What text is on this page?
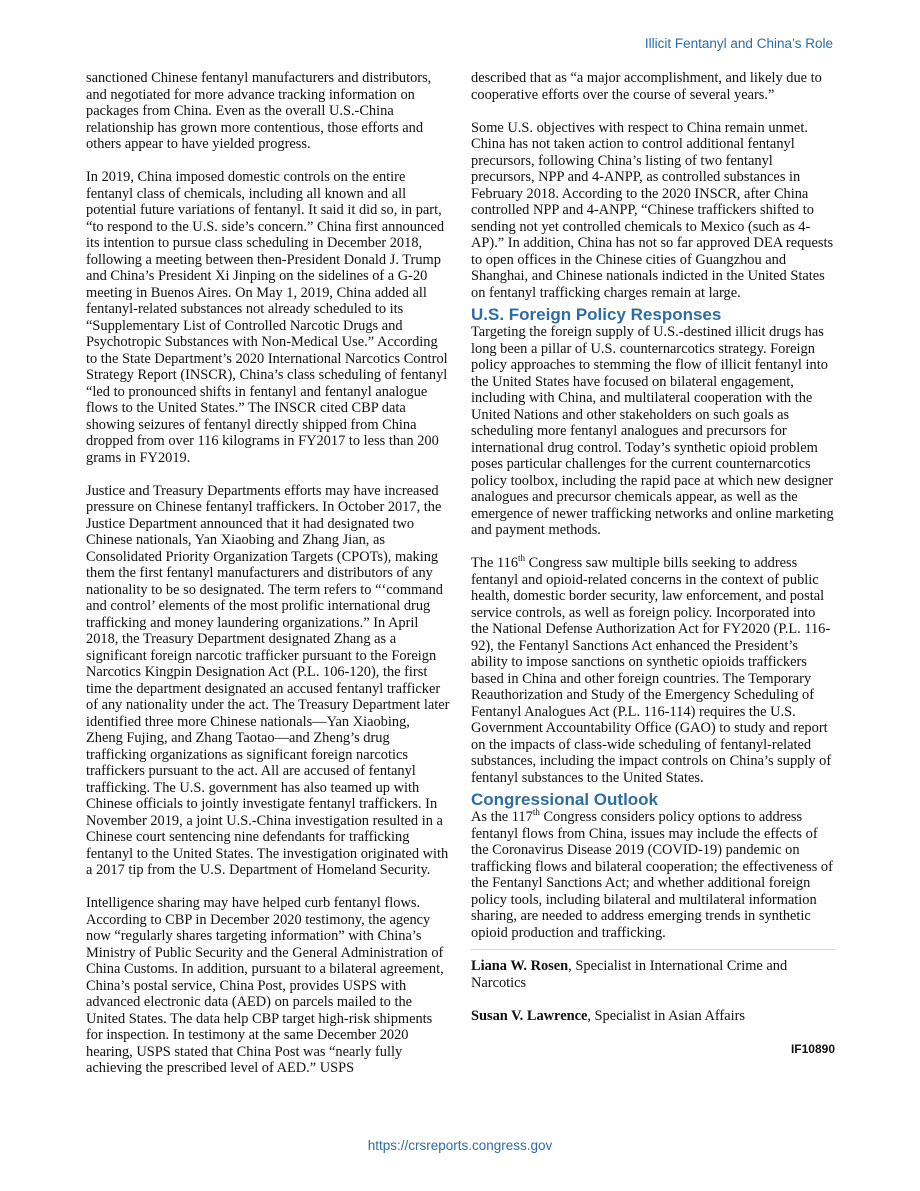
Illicit Fentanyl and China’s Role

sanctioned Chinese fentanyl manufacturers and distributors, and negotiated for more advance tracking information on packages from China. Even as the overall U.S.-China relationship has grown more contentious, those efforts and others appear to have yielded progress.

In 2019, China imposed domestic controls on the entire fentanyl class of chemicals, including all known and all potential future variations of fentanyl. It said it did so, in part, “to respond to the U.S. side’s concern.” China first announced its intention to pursue class scheduling in December 2018, following a meeting between then-President Donald J. Trump and China’s President Xi Jinping on the sidelines of a G-20 meeting in Buenos Aires. On May 1, 2019, China added all fentanyl-related substances not already scheduled to its “Supplementary List of Controlled Narcotic Drugs and Psychotropic Substances with Non-Medical Use.” According to the State Department’s 2020 International Narcotics Control Strategy Report (INSCR), China’s class scheduling of fentanyl “led to pronounced shifts in fentanyl and fentanyl analogue flows to the United States.” The INSCR cited CBP data showing seizures of fentanyl directly shipped from China dropped from over 116 kilograms in FY2017 to less than 200 grams in FY2019.

Justice and Treasury Departments efforts may have increased pressure on Chinese fentanyl traffickers. In October 2017, the Justice Department announced that it had designated two Chinese nationals, Yan Xiaobing and Zhang Jian, as Consolidated Priority Organization Targets (CPOTs), making them the first fentanyl manufacturers and distributors of any nationality to be so designated. The term refers to “‘command and control’ elements of the most prolific international drug trafficking and money laundering organizations.” In April 2018, the Treasury Department designated Zhang as a significant foreign narcotic trafficker pursuant to the Foreign Narcotics Kingpin Designation Act (P.L. 106-120), the first time the department designated an accused fentanyl trafficker of any nationality under the act. The Treasury Department later identified three more Chinese nationals—Yan Xiaobing, Zheng Fujing, and Zhang Taotao—and Zheng’s drug trafficking organizations as significant foreign narcotics traffickers pursuant to the act. All are accused of fentanyl trafficking. The U.S. government has also teamed up with Chinese officials to jointly investigate fentanyl traffickers. In November 2019, a joint U.S.-China investigation resulted in a Chinese court sentencing nine defendants for trafficking fentanyl to the United States. The investigation originated with a 2017 tip from the U.S. Department of Homeland Security.

Intelligence sharing may have helped curb fentanyl flows. According to CBP in December 2020 testimony, the agency now “regularly shares targeting information” with China’s Ministry of Public Security and the General Administration of China Customs. In addition, pursuant to a bilateral agreement, China’s postal service, China Post, provides USPS with advanced electronic data (AED) on parcels mailed to the United States. The data help CBP target high-risk shipments for inspection. In testimony at the same December 2020 hearing, USPS stated that China Post was “nearly fully achieving the prescribed level of AED.” USPS

described that as “a major accomplishment, and likely due to cooperative efforts over the course of several years.”

Some U.S. objectives with respect to China remain unmet. China has not taken action to control additional fentanyl precursors, following China’s listing of two fentanyl precursors, NPP and 4-ANPP, as controlled substances in February 2018. According to the 2020 INSCR, after China controlled NPP and 4-ANPP, “Chinese traffickers shifted to sending not yet controlled chemicals to Mexico (such as 4-AP).” In addition, China has not so far approved DEA requests to open offices in the Chinese cities of Guangzhou and Shanghai, and Chinese nationals indicted in the United States on fentanyl trafficking charges remain at large.

U.S. Foreign Policy Responses

Targeting the foreign supply of U.S.-destined illicit drugs has long been a pillar of U.S. counternarcotics strategy. Foreign policy approaches to stemming the flow of illicit fentanyl into the United States have focused on bilateral engagement, including with China, and multilateral cooperation with the United Nations and other stakeholders on such goals as scheduling more fentanyl analogues and precursors for international drug control. Today’s synthetic opioid problem poses particular challenges for the current counternarcotics policy toolbox, including the rapid pace at which new designer analogues and precursor chemicals appear, as well as the emergence of newer trafficking networks and online marketing and payment methods.

The 116th Congress saw multiple bills seeking to address fentanyl and opioid-related concerns in the context of public health, domestic border security, law enforcement, and postal service controls, as well as foreign policy. Incorporated into the National Defense Authorization Act for FY2020 (P.L. 116-92), the Fentanyl Sanctions Act enhanced the President’s ability to impose sanctions on synthetic opioids traffickers based in China and other foreign countries. The Temporary Reauthorization and Study of the Emergency Scheduling of Fentanyl Analogues Act (P.L. 116-114) requires the U.S. Government Accountability Office (GAO) to study and report on the impacts of class-wide scheduling of fentanyl-related substances, including the impact controls on China’s supply of fentanyl substances to the United States.

Congressional Outlook

As the 117th Congress considers policy options to address fentanyl flows from China, issues may include the effects of the Coronavirus Disease 2019 (COVID-19) pandemic on trafficking flows and bilateral cooperation; the effectiveness of the Fentanyl Sanctions Act; and whether additional foreign policy tools, including bilateral and multilateral information sharing, are needed to address emerging trends in synthetic opioid production and trafficking.

Liana W. Rosen, Specialist in International Crime and Narcotics

Susan V. Lawrence, Specialist in Asian Affairs

IF10890
https://crsreports.congress.gov
